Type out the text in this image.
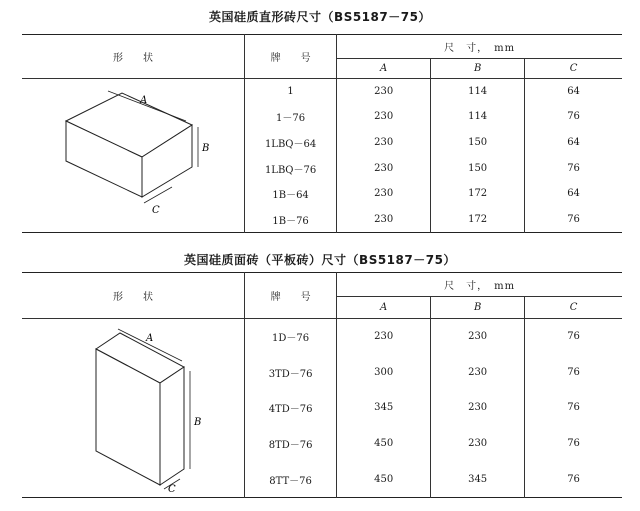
英国硅质直形砖尺寸（BS5187－75）
形　　状	牌　　号	尺　寸，　mm		
		A	B	C

A
B
C	1	230	114	64
	1－76	230	114	76
	1LBQ－64	230	150	64
	1LBQ－76	230	150	76
	1B－64	230	172	64
	1B－76	230	172	76
英国硅质面砖（平板砖）尺寸（BS5187－75）
形　　状	牌　　号	尺　寸，　mm		
		A	B	C

A
B
C	1D－76	230	230	76
	3TD－76	300	230	76
	4TD－76	345	230	76
	8TD－76	450	230	76
	8TT－76	450	345	76
